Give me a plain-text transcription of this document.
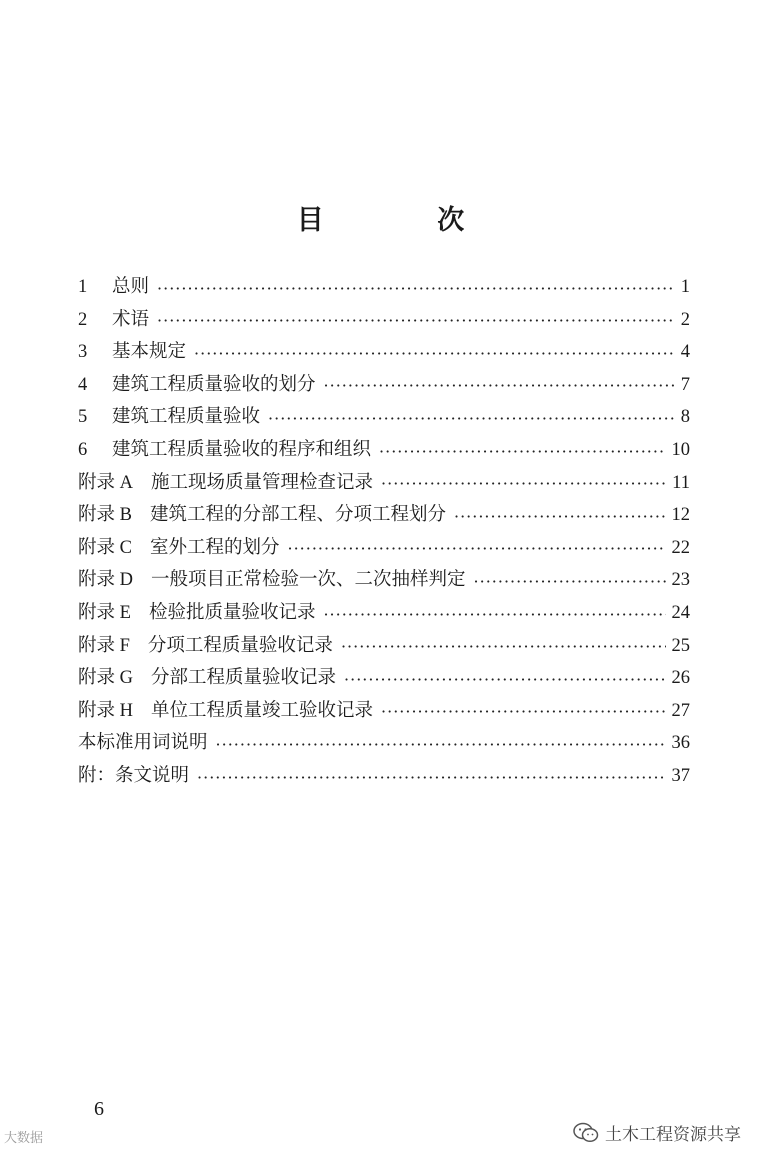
目 次
1	总则 ·····	1
2	术语 ·····	2
3	基本规定 ·····	4
4	建筑工程质量验收的划分 ·····	7
5	建筑工程质量验收 ·····	8
6	建筑工程质量验收的程序和组织 ·····	10
附录 A 施工现场质量管理检查记录 ·····	11
附录 B 建筑工程的分部工程、分项工程划分 ·····	12
附录 C 室外工程的划分 ·····	22
附录 D 一般项目正常检验一次、二次抽样判定 ·····	23
附录 E 检验批质量验收记录 ·····	24
附录 F 分项工程质量验收记录 ·····	25
附录 G 分部工程质量验收记录 ·····	26
附录 H 单位工程质量竣工验收记录 ·····	27
本标准用词说明 ·····	36
附：条文说明 ·····	37
6
土木工程资源共享
大数据
